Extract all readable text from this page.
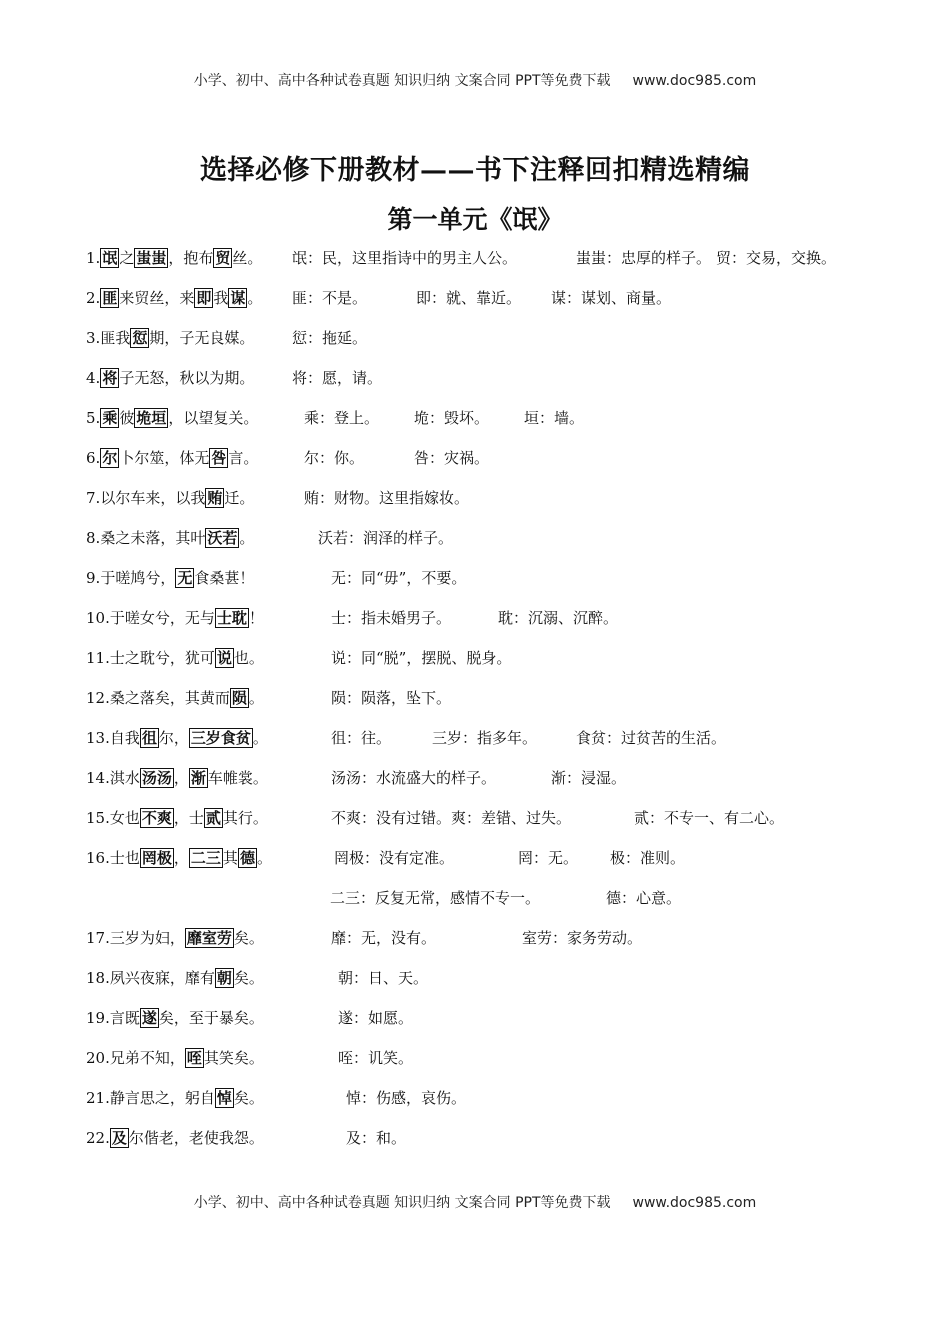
小学、初中、高中各种试卷真题 知识归纳 文案合同 PPT等免费下载 www.doc985.com
选择必修下册教材——书下注释回扣精选精编
第一单元《氓》
1. 氓 之 蚩蚩 ，抱布 贸 丝。 氓：民，这里指诗中的男主人公。	蚩蚩：忠厚的样子。 贸：交易，交换。
2. 匪 来贸丝，来 即 我 谋 。 匪：不是。	即：就、靠近。 谋：谋划、商量。
3.匪我 愆 期，子无良媒。	愆：拖延。
4. 将 子无怒，秋以为期。	将：愿，请。
5. 乘 彼 垝垣 ，以望复关。	乘：登上。 垝：毁坏。 垣：墙。
6. 尔 卜尔筮，体无 咎 言。	尔：你。	咎：灾祸。
7.以尔车来，以我 贿 迁。	贿：财物。这里指嫁妆。
8.桑之未落，其叶 沃若 。	沃若：润泽的样子。
9.于嗟鸠兮， 无 食桑葚！	无：同“毋”，不要。
10.于嗟女兮，无与 士耽 ！	士：指未婚男子。	耽：沉溺、沉醉。
11.士之耽兮，犹可 说 也。	说：同“脱”，摆脱、脱身。
12.桑之落矣，其黄而 陨 。	陨：陨落，坠下。
13.自我 徂 尔， 三岁食贫 。	徂：往。	三岁：指多年。	食贫：过贫苦的生活。
14.淇水 汤汤 ， 渐 车帷裳。	汤汤：水流盛大的样子。	渐：浸湿。
15.女也 不爽 ，士 贰 其行。	不爽：没有过错。爽：差错、过失。	贰：不专一、有二心。
16.士也 罔极 ， 二三 其 德 。	罔极：没有定准。	罔：无。 极：准则。
二三：反复无常，感情不专一。	德：心意。
17.三岁为妇， 靡室劳 矣。	靡：无，没有。	室劳：家务劳动。
18.夙兴夜寐，靡有 朝 矣。	朝：日、天。
19.言既 遂 矣，至于暴矣。	遂：如愿。
20.兄弟不知， 咥 其笑矣。	咥：讥笑。
21.静言思之，躬自 悼 矣。	悼：伤感，哀伤。
22. 及 尔偕老，老使我怨。	及：和。
小学、初中、高中各种试卷真题 知识归纳 文案合同 PPT等免费下载 www.doc985.com
